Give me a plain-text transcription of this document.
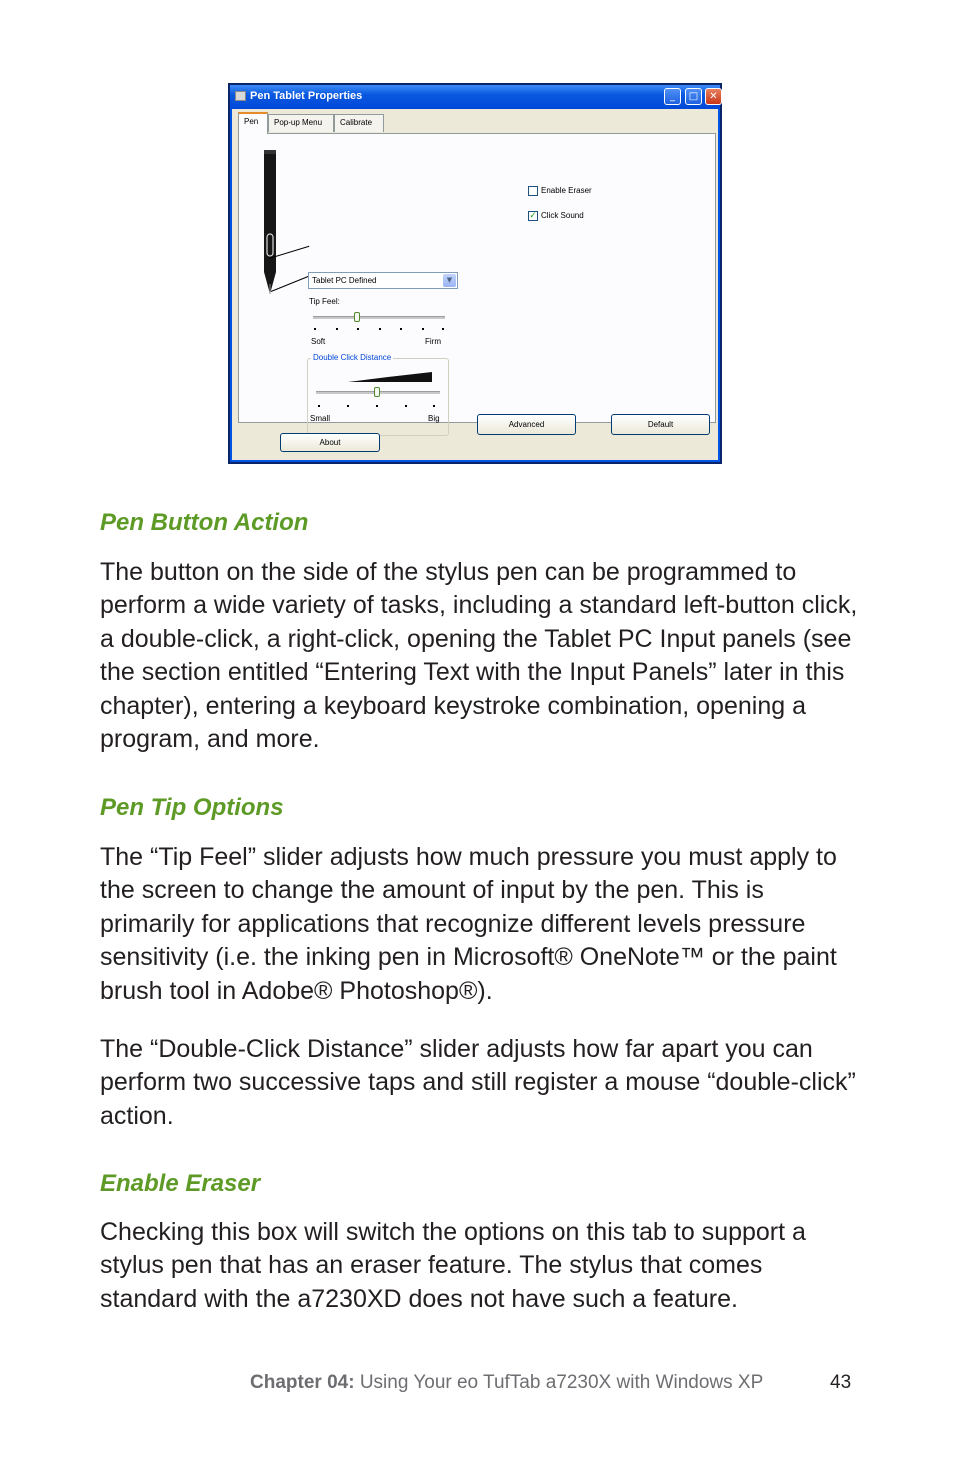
Pen Tablet Properties	_	□	✕
Pen	Pop-up Menu	Calibrate
Tablet PC Defined	▼
Tip Feel:
Soft	Firm
Double Click Distance
Small	Big
Enable Eraser
✓ Click Sound
Advanced	Default
About
Pen Button Action

The button on the side of the stylus pen can be programmed to perform a wide variety of tasks, including a standard left-button click, a double-click, a right-click, opening the Tablet PC Input panels (see the section entitled “Entering Text with the Input Panels” later in this chapter), entering a keyboard keystroke combination, opening a program, and more.

Pen Tip Options

The “Tip Feel” slider adjusts how much pressure you must apply to the screen to change the amount of input by the pen. This is primarily for applications that recognize different levels pressure sensitivity (i.e. the inking pen in Microsoft® OneNote™ or the paint brush tool in Adobe® Photoshop®).

The “Double-Click Distance” slider adjusts how far apart you can perform two successive taps and still register a mouse “double-click” action.

Enable Eraser

Checking this box will switch the options on this tab to support a stylus pen that has an eraser feature. The stylus that comes standard with the a7230XD does not have such a feature.

Chapter 04: Using Your eo TufTab a7230X with Windows XP	43
